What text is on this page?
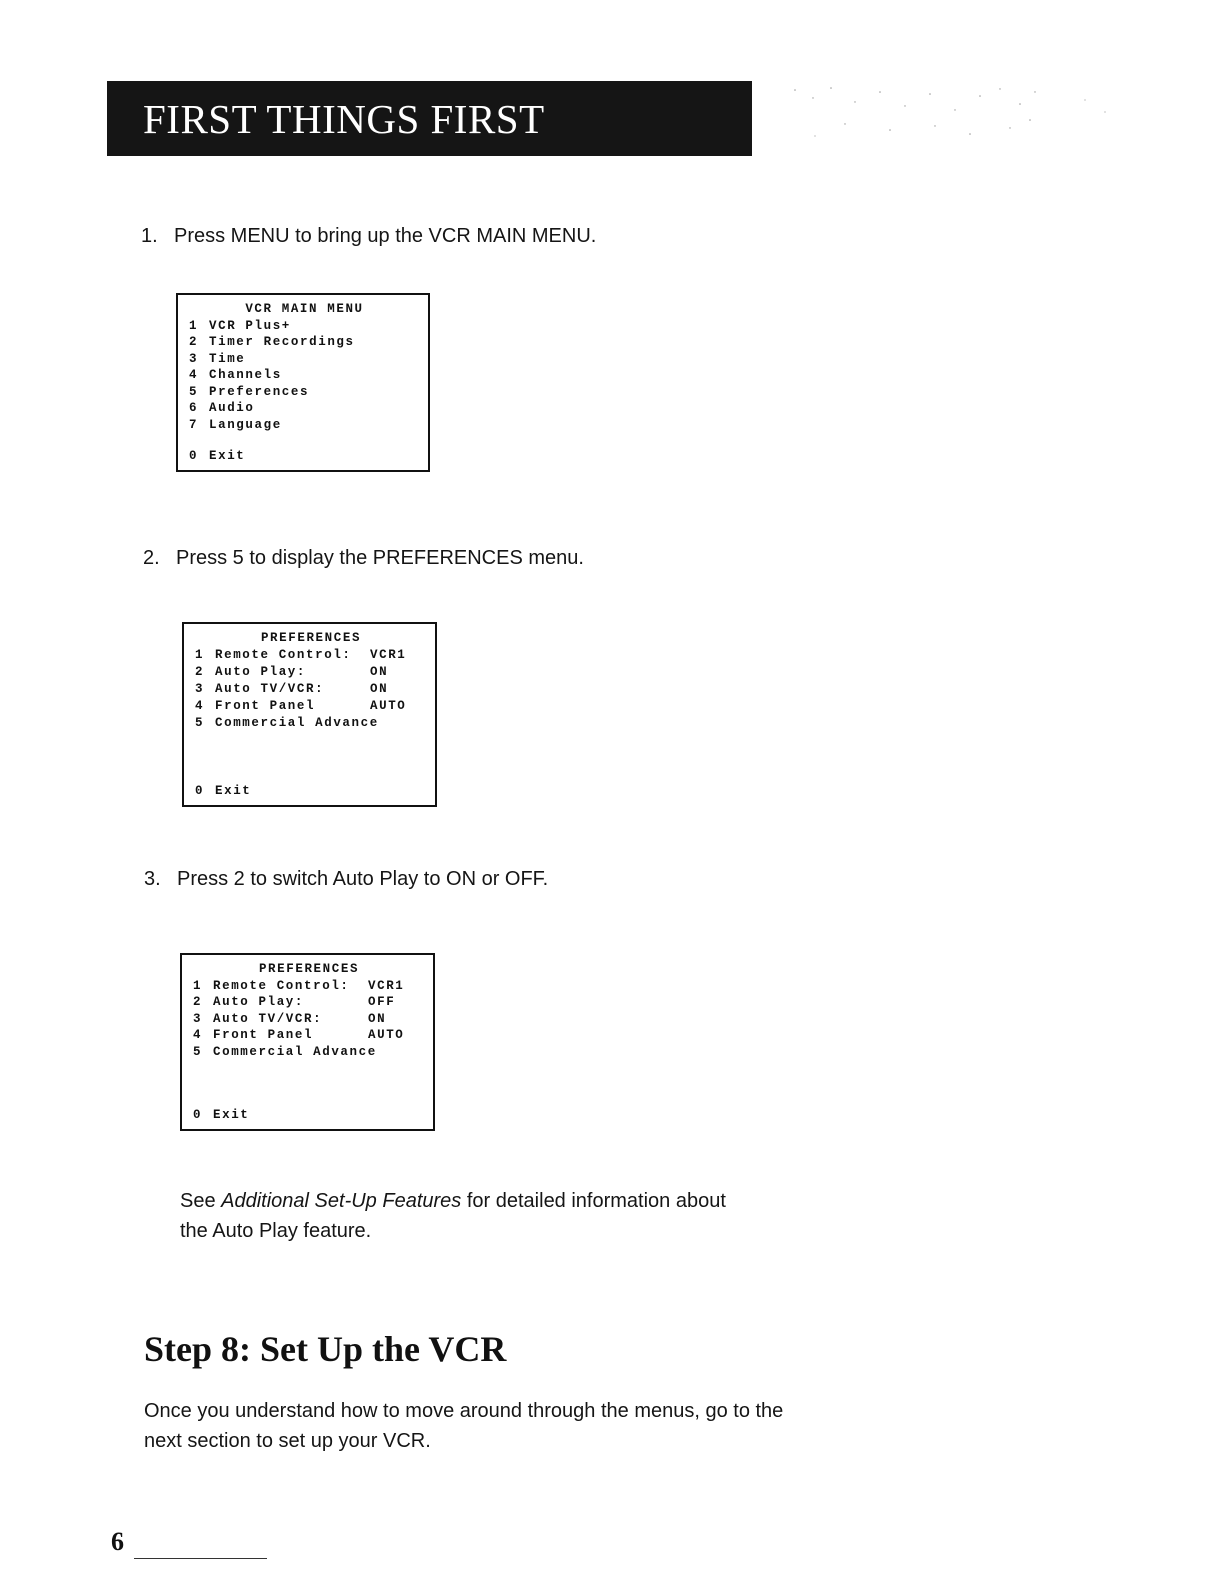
FIRST THINGS FIRST
1. Press MENU to bring up the VCR MAIN MENU.
VCR MAIN MENU
1 VCR Plus+
2 Timer Recordings
3 Time
4 Channels
5 Preferences
6 Audio
7 Language
0 Exit
2. Press 5 to display the PREFERENCES menu.
PREFERENCES
1 Remote Control: VCR1
2 Auto Play:	ON
3 Auto TV/VCR:	ON
4 Front Panel	AUTO
5 Commercial Advance
0 Exit
3. Press 2 to switch Auto Play to ON or OFF.
PREFERENCES
1 Remote Control: VCR1
2 Auto Play:	OFF
3 Auto TV/VCR:	ON
4 Front Panel	AUTO
5 Commercial Advance
0 Exit
See Additional Set-Up Features for detailed information about the Auto Play feature.
Step 8: Set Up the VCR
Once you understand how to move around through the menus, go to the next section to set up your VCR.
6
